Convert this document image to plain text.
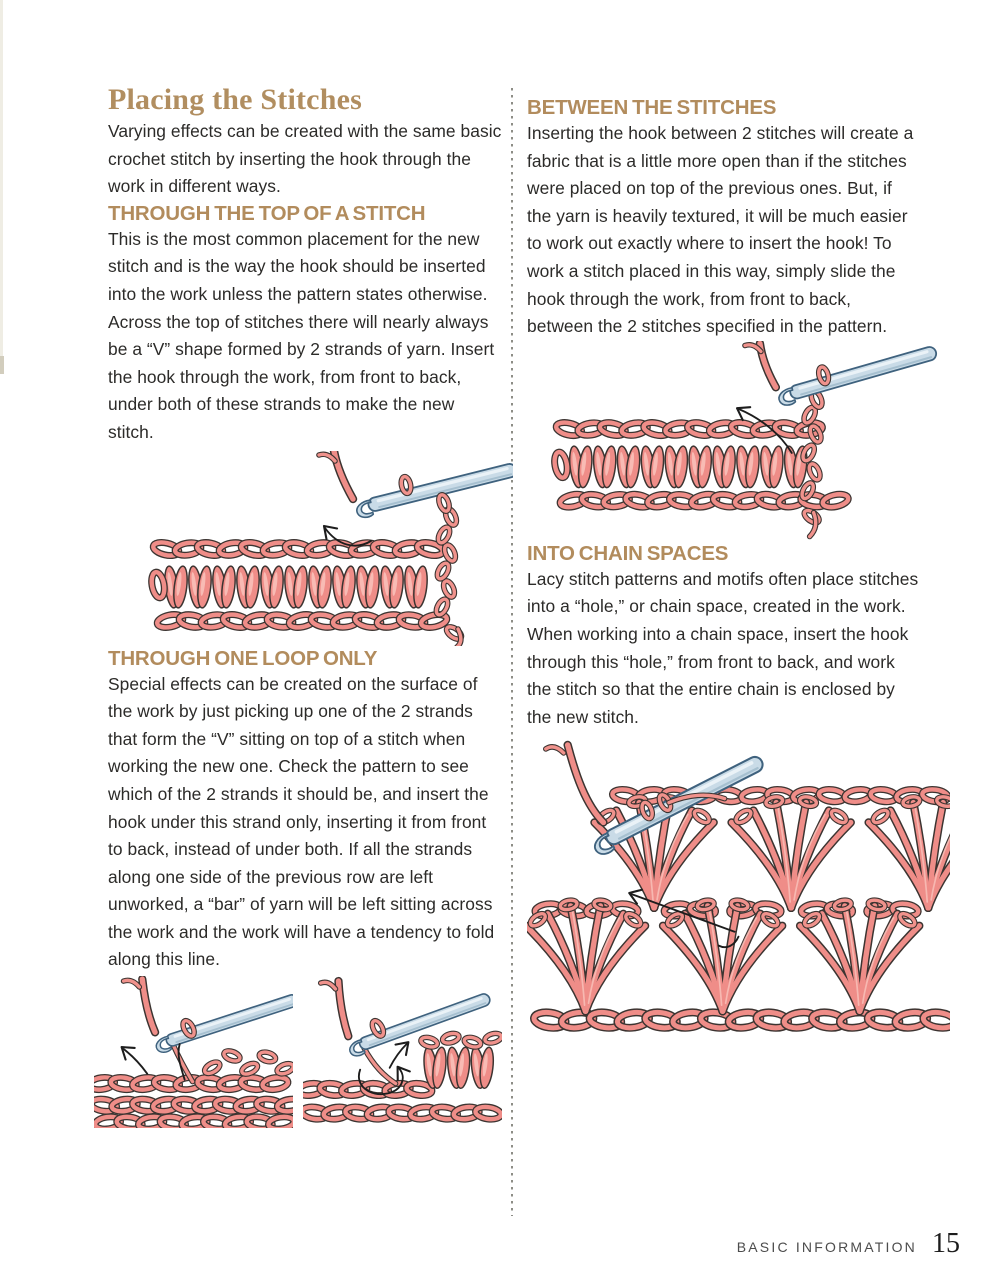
Placing the Stitches

Varying effects can be created with the same basic crochet stitch by inserting the hook through the work in different ways.

THROUGH THE TOP OF A STITCH

This is the most common placement for the new stitch and is the way the hook should be inserted into the work unless the pattern states otherwise. Across the top of stitches there will nearly always be a “V” shape formed by 2 strands of yarn. Insert the hook through the work, from front to back, under both of these strands to make the new stitch.

THROUGH ONE LOOP ONLY

Special effects can be created on the surface of the work by just picking up one of the 2 strands that form the “V” sitting on top of a stitch when working the new one. Check the pattern to see which of the 2 strands it should be, and insert the hook under this strand only, inserting it from front to back, instead of under both. If all the strands along one side of the previous row are left unworked, a “bar” of yarn will be left sitting across the work and the work will have a tendency to fold along this line.

BETWEEN THE STITCHES

Inserting the hook between 2 stitches will create a fabric that is a little more open than if the stitches were placed on top of the previous ones. But, if the yarn is heavily textured, it will be much easier to work out exactly where to insert the hook! To work a stitch placed in this way, simply slide the hook through the work, from front to back, between the 2 stitches specified in the pattern.

INTO CHAIN SPACES

Lacy stitch patterns and motifs often place stitches into a “hole,” or chain space, created in the work. When working into a chain space, insert the hook through this “hole,” from front to back, and work the stitch so that the entire chain is enclosed by the new stitch.

BASIC INFORMATION 15
